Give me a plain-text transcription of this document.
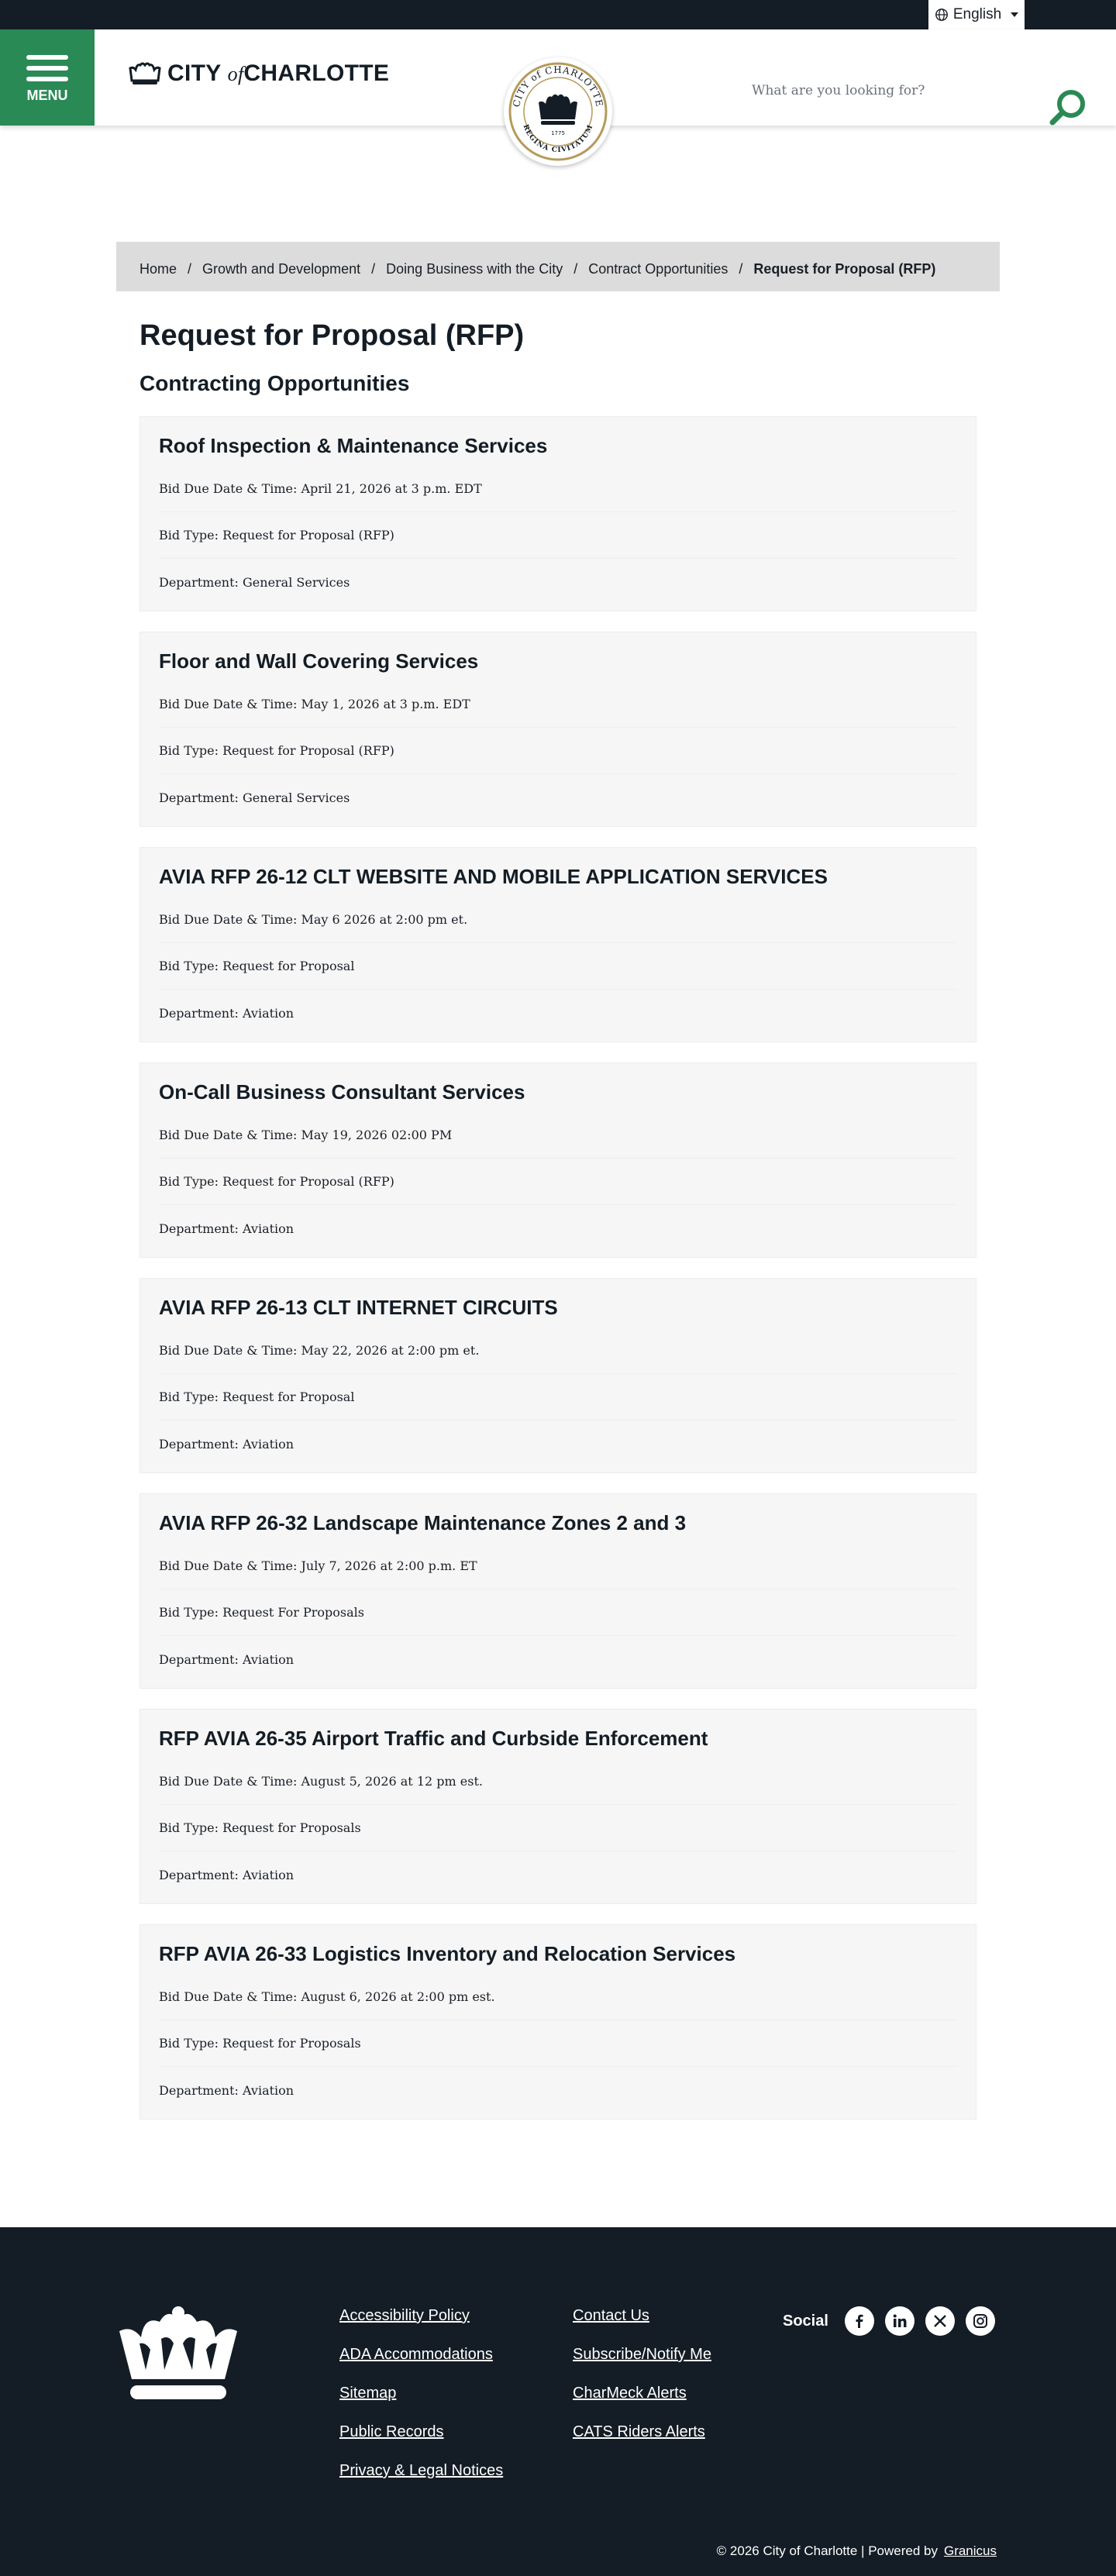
English
MENU
CITY ofCHARLOTTE
CITY of CHARLOTTE
REGINA CIVITATUM
1775
What are you looking for?
Home / Growth and Development / Doing Business with the City / Contract Opportunities / Request for Proposal (RFP)
Request for Proposal (RFP)
Contracting Opportunities
Roof Inspection & Maintenance Services
Bid Due Date & Time: April 21, 2026 at 3 p.m. EDT
Bid Type: Request for Proposal (RFP)
Department: General Services
Floor and Wall Covering Services
Bid Due Date & Time: May 1, 2026 at 3 p.m. EDT
Bid Type: Request for Proposal (RFP)
Department: General Services
AVIA RFP 26-12 CLT WEBSITE AND MOBILE APPLICATION SERVICES
Bid Due Date & Time: May 6 2026 at 2:00 pm et.
Bid Type: Request for Proposal
Department: Aviation
On-Call Business Consultant Services
Bid Due Date & Time: May 19, 2026 02:00 PM
Bid Type: Request for Proposal (RFP)
Department: Aviation
AVIA RFP 26-13 CLT INTERNET CIRCUITS
Bid Due Date & Time: May 22, 2026 at 2:00 pm et.
Bid Type: Request for Proposal
Department: Aviation
AVIA RFP 26-32 Landscape Maintenance Zones 2 and 3
Bid Due Date & Time: July 7, 2026 at 2:00 p.m. ET
Bid Type: Request For Proposals
Department: Aviation
RFP AVIA 26-35 Airport Traffic and Curbside Enforcement
Bid Due Date & Time: August 5, 2026 at 12 pm est.
Bid Type: Request for Proposals
Department: Aviation
RFP AVIA 26-33 Logistics Inventory and Relocation Services
Bid Due Date & Time: August 6, 2026 at 2:00 pm est.
Bid Type: Request for Proposals
Department: Aviation
Accessibility Policy
ADA Accommodations
Sitemap
Public Records
Privacy & Legal Notices
Contact Us
Subscribe/Notify Me
CharMeck Alerts
CATS Riders Alerts
Social
© 2026 City of Charlotte | Powered by Granicus
